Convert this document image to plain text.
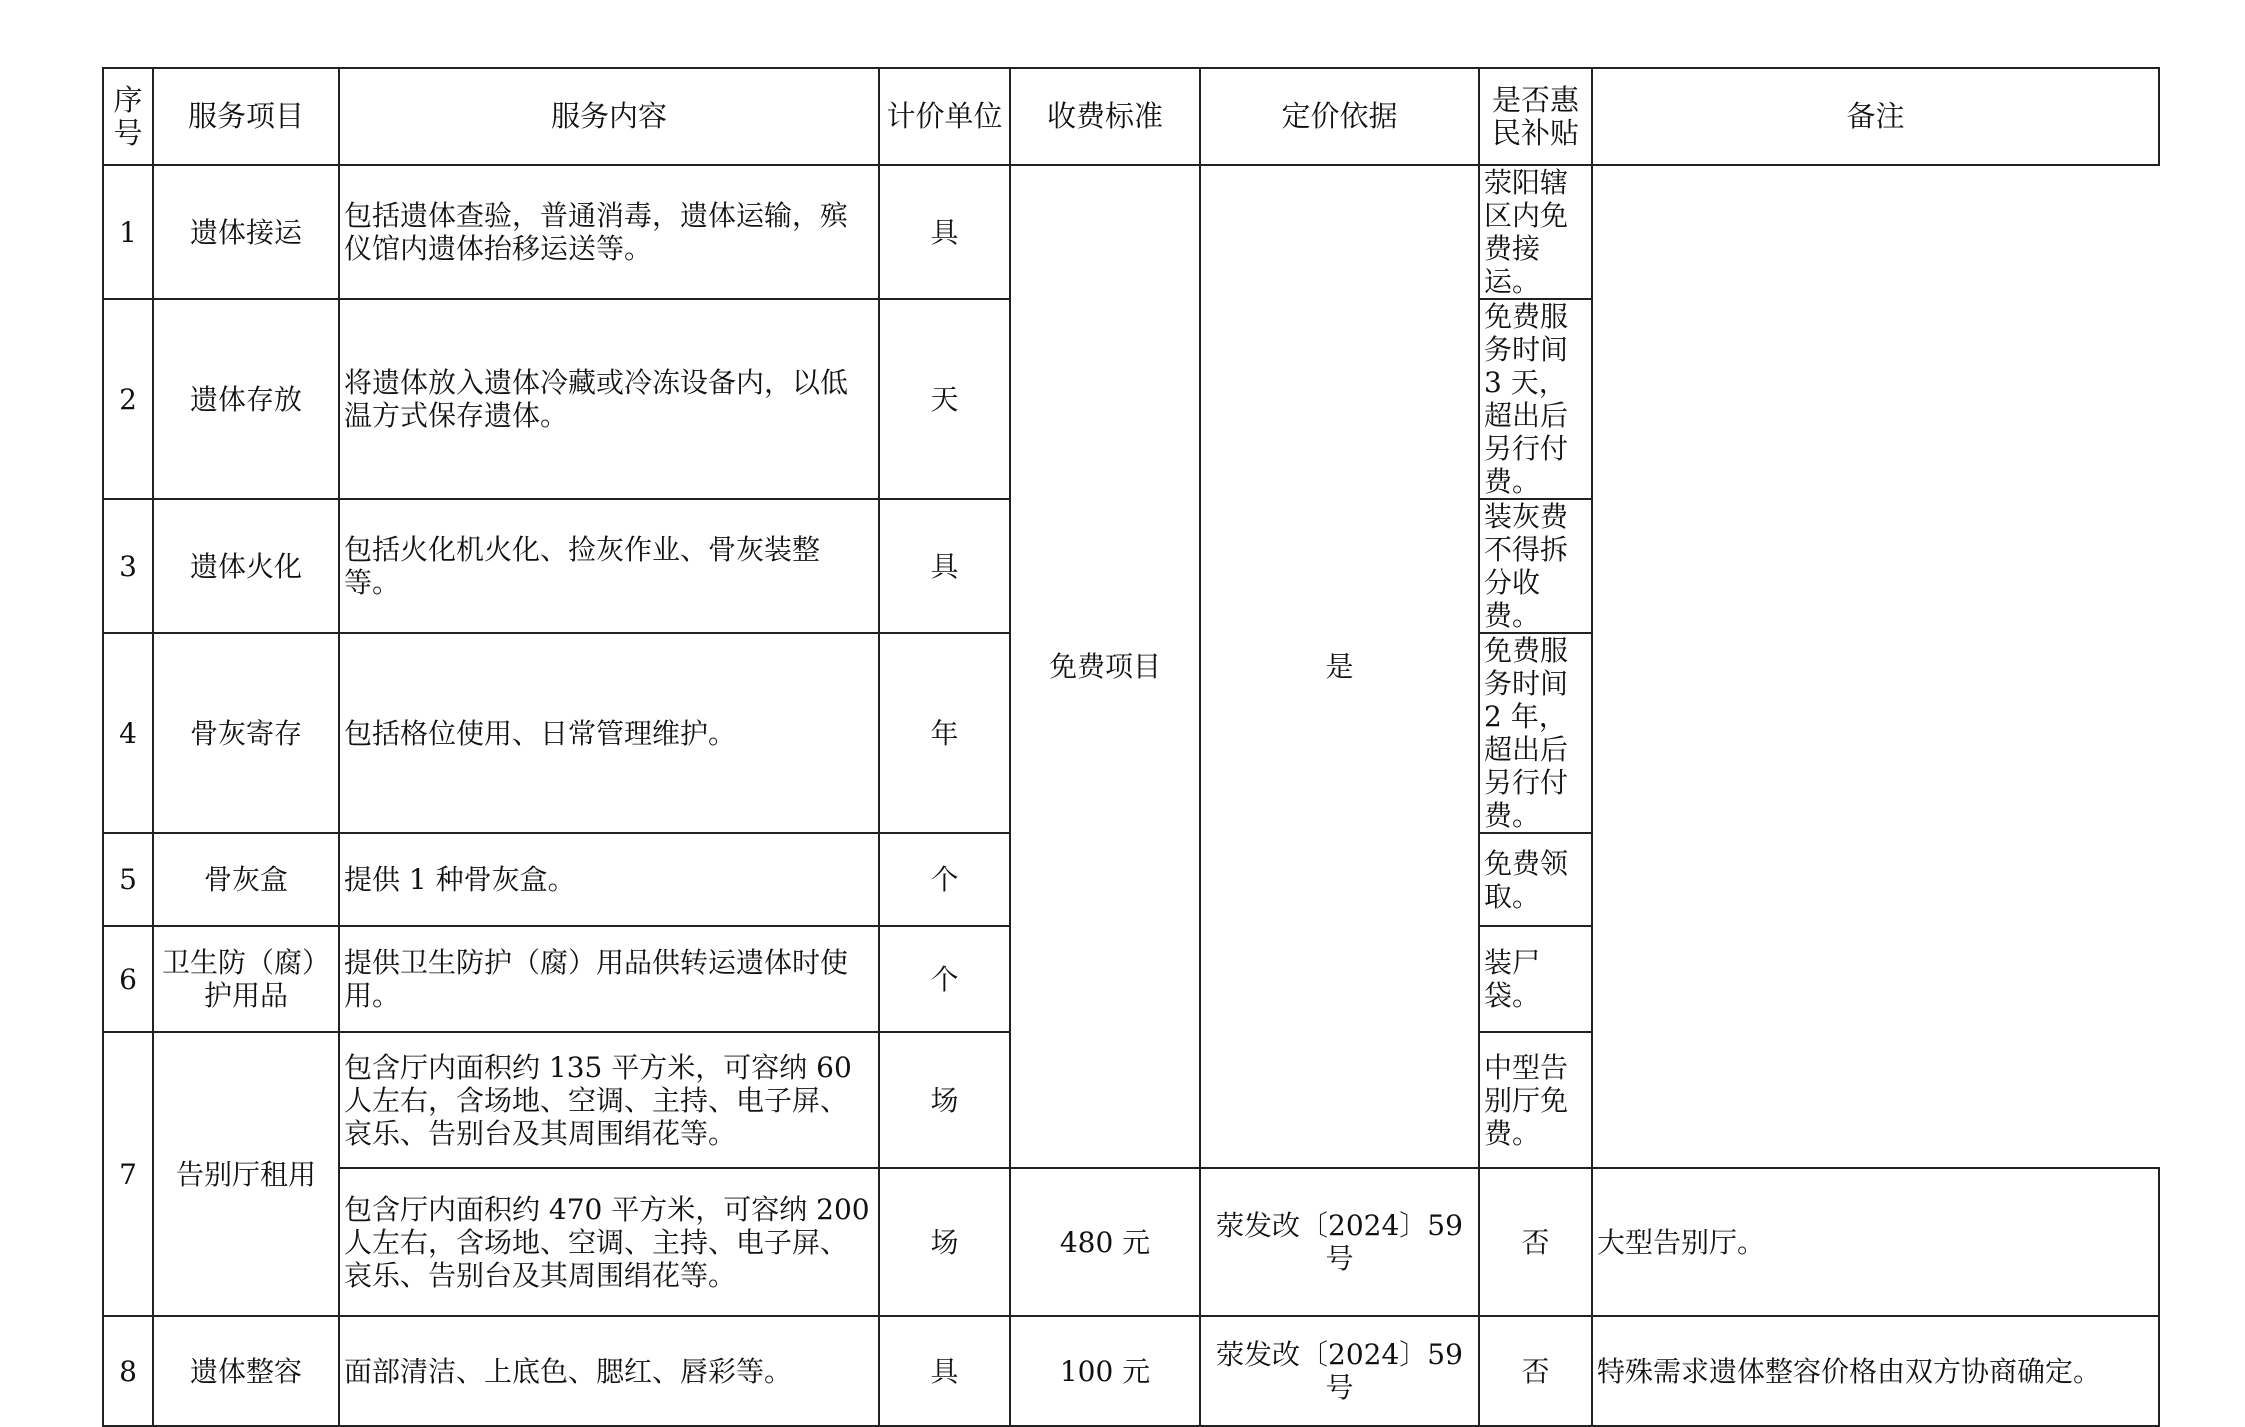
序号	服务项目	服务内容	计价单位	收费标准	定价依据	是否惠民补贴	备注
1	遗体接运	包括遗体查验，普通消毒，遗体运输，殡仪馆内遗体抬移运送等。	具	免费项目	是	荥阳辖区内免费接运。	
2	遗体存放	将遗体放入遗体冷藏或冷冻设备内，以低温方式保存遗体。	天			免费服务时间 3 天，超出后另行付费。	
3	遗体火化	包括火化机火化、捡灰作业、骨灰装整等。	具			装灰费不得拆分收费。	
4	骨灰寄存	包括格位使用、日常管理维护。	年			免费服务时间 2 年，超出后另行付费。	
5	骨灰盒	提供 1 种骨灰盒。	个			免费领取。	
6	卫生防（腐）护用品	提供卫生防护（腐）用品供转运遗体时使用。	个			装尸袋。	
7	告别厅租用	包含厅内面积约 135 平方米，可容纳 60 人左右，含场地、空调、主持、电子屏、哀乐、告别台及其周围绢花等。	场			中型告别厅免费。	
		包含厅内面积约 470 平方米，可容纳 200 人左右，含场地、空调、主持、电子屏、哀乐、告别台及其周围绢花等。	场	480 元	荥发改〔2024〕59 号	否	大型告别厅。
8	遗体整容	面部清洁、上底色、腮红、唇彩等。	具	100 元	荥发改〔2024〕59 号	否	特殊需求遗体整容价格由双方协商确定。
